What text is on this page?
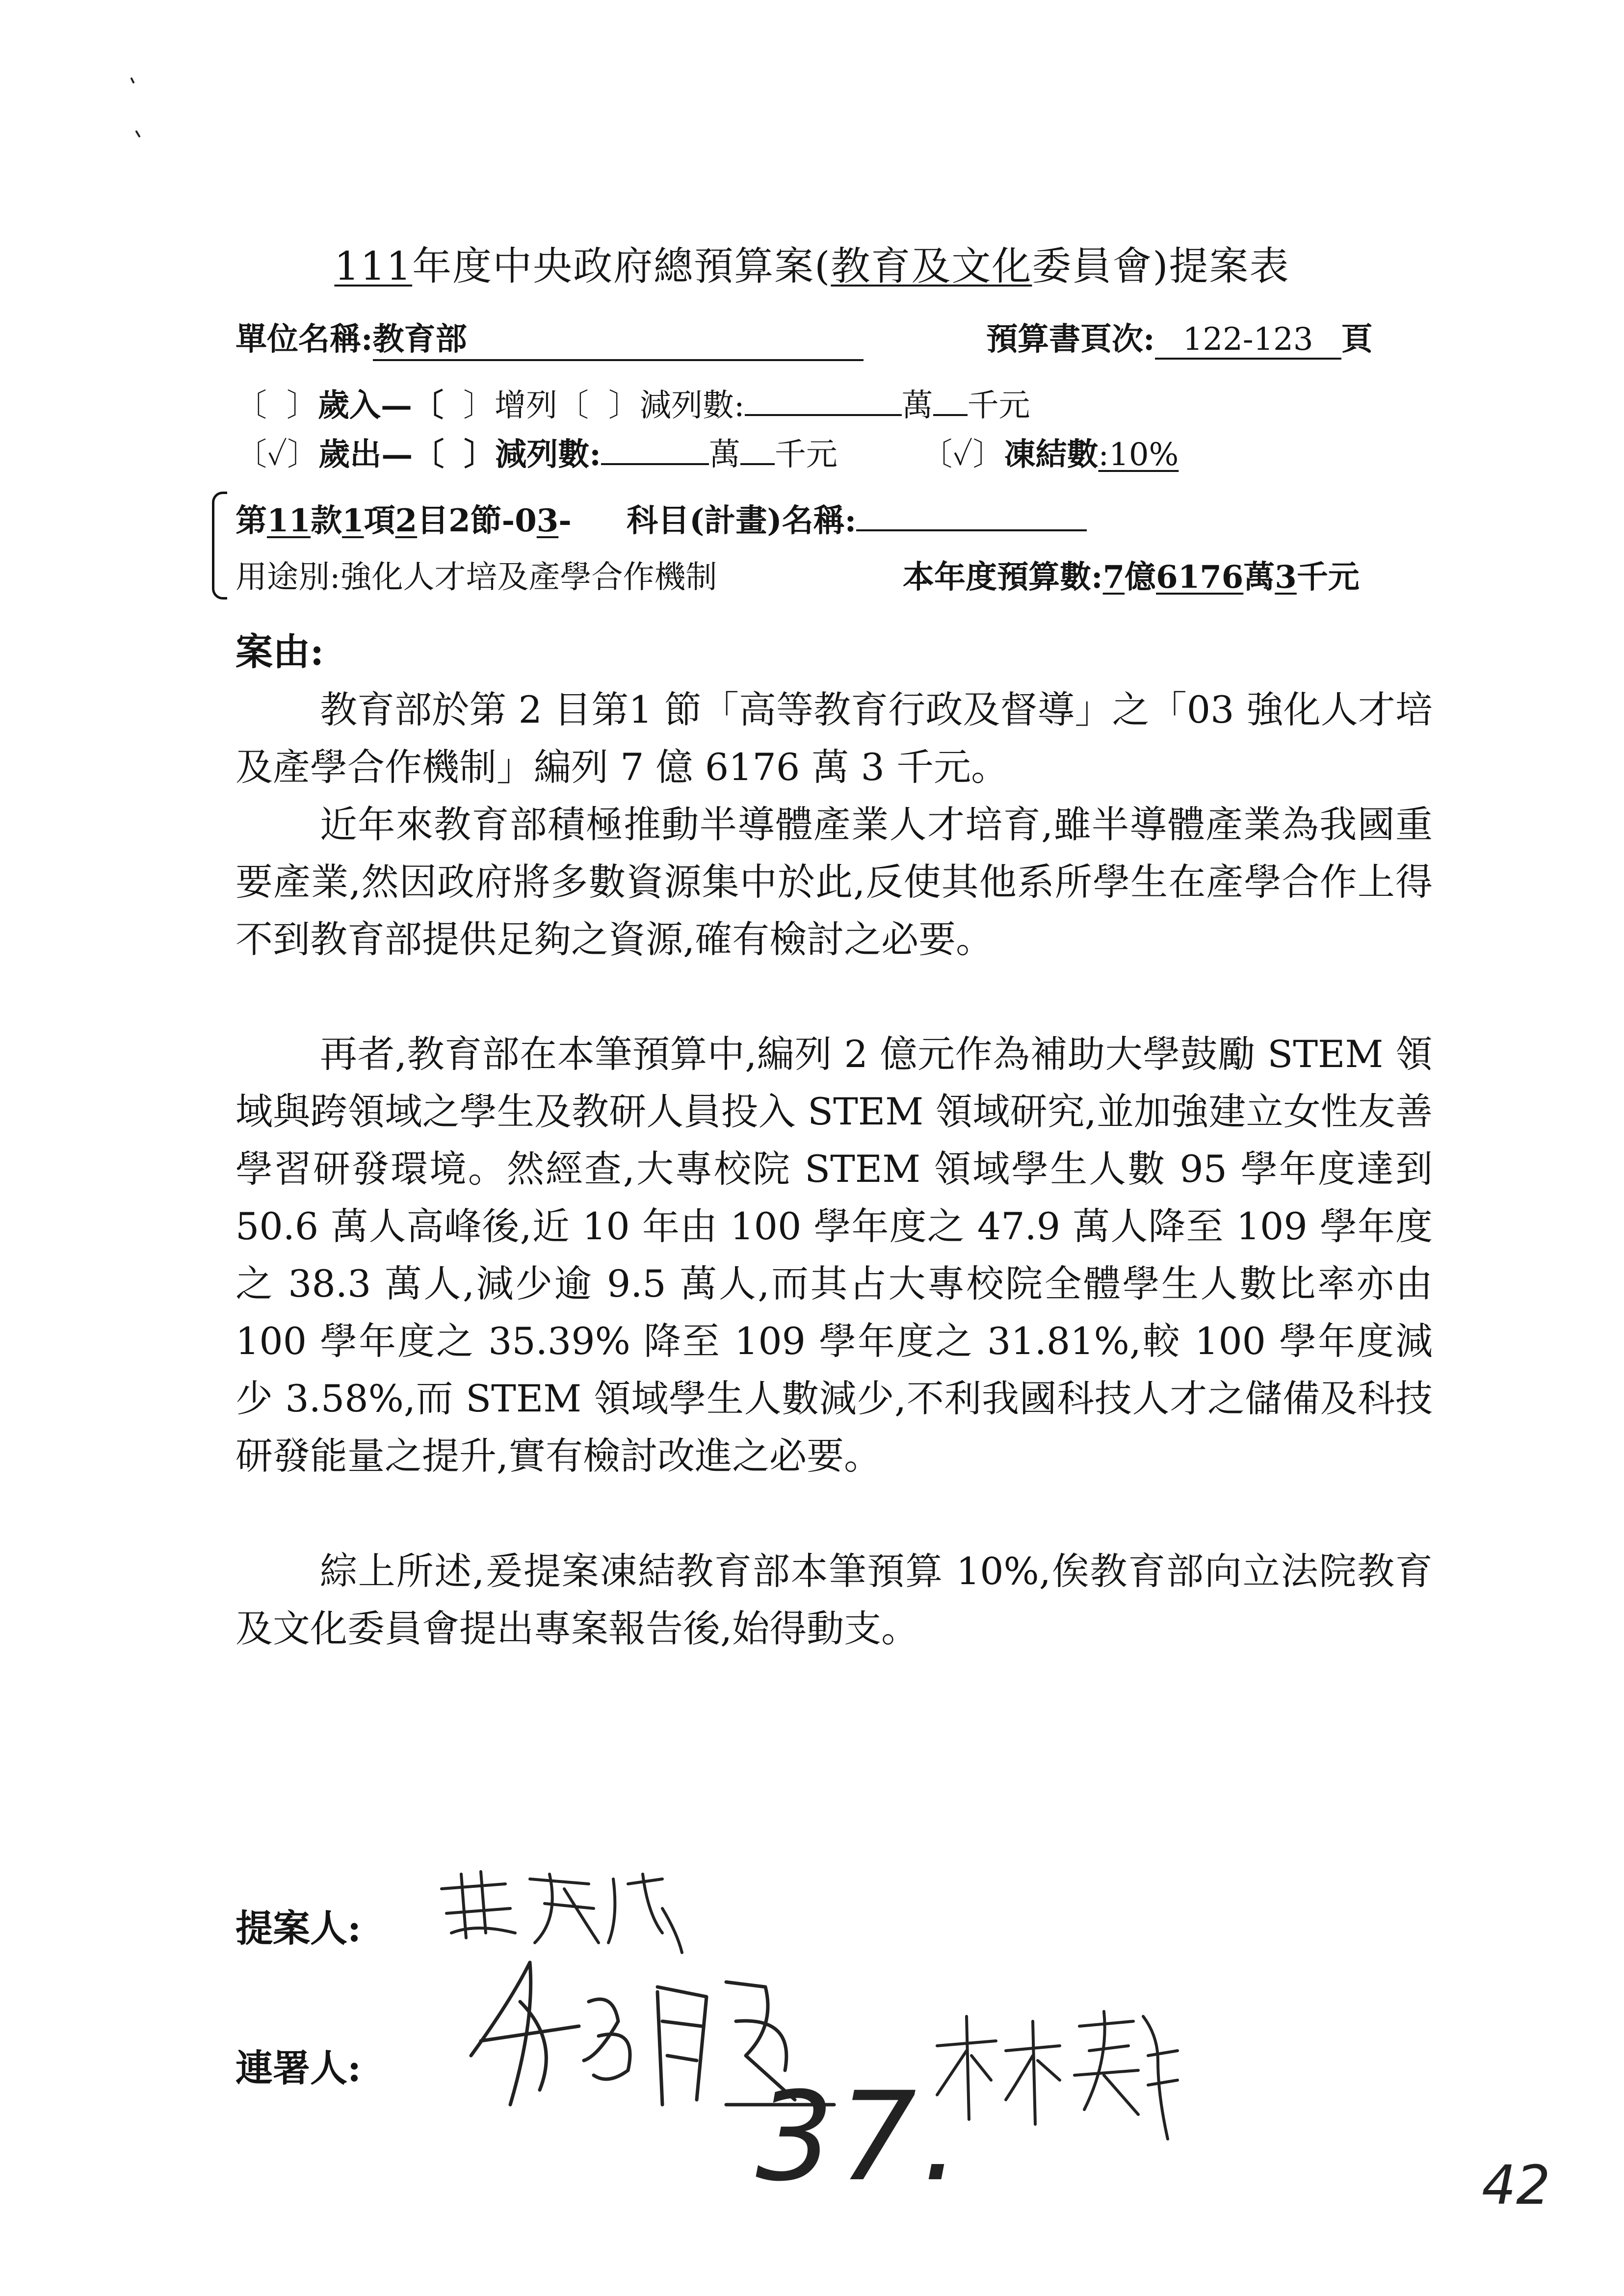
111年度中央政府總預算案(教育及文化委員會)提案表
單位名稱:教育部	預算書頁次: 122-123 頁
〔 〕歲入—〔 〕增列〔 〕減列數:	萬 千元
〔✓〕歲出—〔 〕減列數:	萬 千元	〔✓〕凍結數:10%
第11款1項2目2節-03- 科目(計畫)名稱:
用途別:強化人才培及產學合作機制	本年度預算數:7億6176萬3千元
案由:

教育部於第 2 目第1 節「高等教育行政及督導」之「03 強化人才培及產學合作機制」編列 7 億 6176 萬 3 千元。

近年來教育部積極推動半導體產業人才培育,雖半導體產業為我國重要產業,然因政府將多數資源集中於此,反使其他系所學生在產學合作上得不到教育部提供足夠之資源,確有檢討之必要。

再者,教育部在本筆預算中,編列 2 億元作為補助大學鼓勵 STEM 領域與跨領域之學生及教研人員投入 STEM 領域研究,並加強建立女性友善學習研發環境。然經查,大專校院 STEM 領域學生人數 95 學年度達到 50.6 萬人高峰後,近 10 年由 100 學年度之 47.9 萬人降至 109 學年度之 38.3 萬人,減少逾 9.5 萬人,而其占大專校院全體學生人數比率亦由 100 學年度之 35.39% 降至 109 學年度之 31.81%,較 100 學年度減少 3.58%,而 STEM 領域學生人數減少,不利我國科技人才之儲備及科技研發能量之提升,實有檢討改進之必要。

綜上所述,爰提案凍結教育部本筆預算 10%,俟教育部向立法院教育及文化委員會提出專案報告後,始得動支。

提案人:
連署人:	37.	42
